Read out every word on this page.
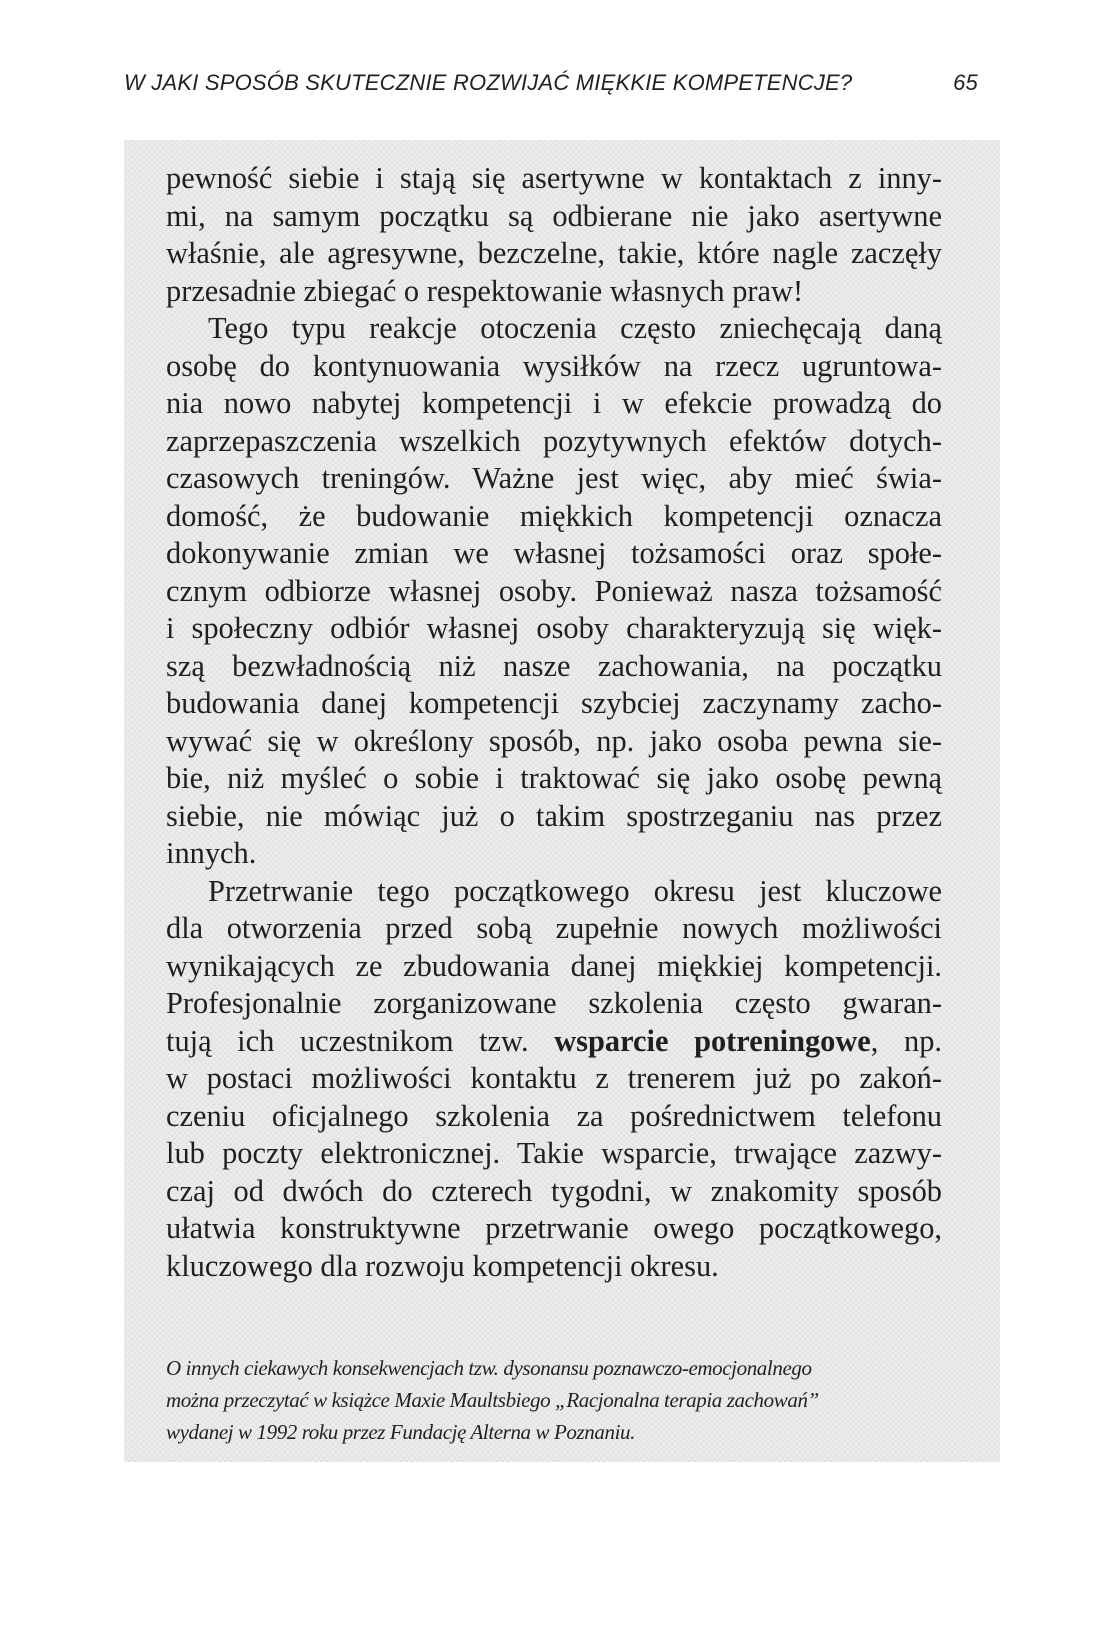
W JAKI SPOSÓB SKUTECZNIE ROZWIJAĆ MIĘKKIE KOMPETENCJE?	65
pewność siebie i stają się asertywne w kontaktach z inny-
mi, na samym początku są odbierane nie jako asertywne
właśnie, ale agresywne, bezczelne, takie, które nagle zaczęły
przesadnie zbiegać o respektowanie własnych praw!
Tego typu reakcje otoczenia często zniechęcają daną
osobę do kontynuowania wysiłków na rzecz ugruntowa-
nia nowo nabytej kompetencji i w efekcie prowadzą do
zaprzepaszczenia wszelkich pozytywnych efektów dotych-
czasowych treningów. Ważne jest więc, aby mieć świa-
domość, że budowanie miękkich kompetencji oznacza
dokonywanie zmian we własnej tożsamości oraz społe-
cznym odbiorze własnej osoby. Ponieważ nasza tożsamość
i społeczny odbiór własnej osoby charakteryzują się więk-
szą bezwładnością niż nasze zachowania, na początku
budowania danej kompetencji szybciej zaczynamy zacho-
wywać się w określony sposób, np. jako osoba pewna sie-
bie, niż myśleć o sobie i traktować się jako osobę pewną
siebie, nie mówiąc już o takim spostrzeganiu nas przez
innych.
Przetrwanie tego początkowego okresu jest kluczowe
dla otworzenia przed sobą zupełnie nowych możliwości
wynikających ze zbudowania danej miękkiej kompetencji.
Profesjonalnie zorganizowane szkolenia często gwaran-
tują ich uczestnikom tzw. wsparcie potreningowe, np.
w postaci możliwości kontaktu z trenerem już po zakoń-
czeniu oficjalnego szkolenia za pośrednictwem telefonu
lub poczty elektronicznej. Takie wsparcie, trwające zazwy-
czaj od dwóch do czterech tygodni, w znakomity sposób
ułatwia konstruktywne przetrwanie owego początkowego,
kluczowego dla rozwoju kompetencji okresu.
O innych ciekawych konsekwencjach tzw. dysonansu poznawczo-emocjonalnego
można przeczytać w książce Maxie Maultsbiego „Racjonalna terapia zachowań”
wydanej w 1992 roku przez Fundację Alterna w Poznaniu.
